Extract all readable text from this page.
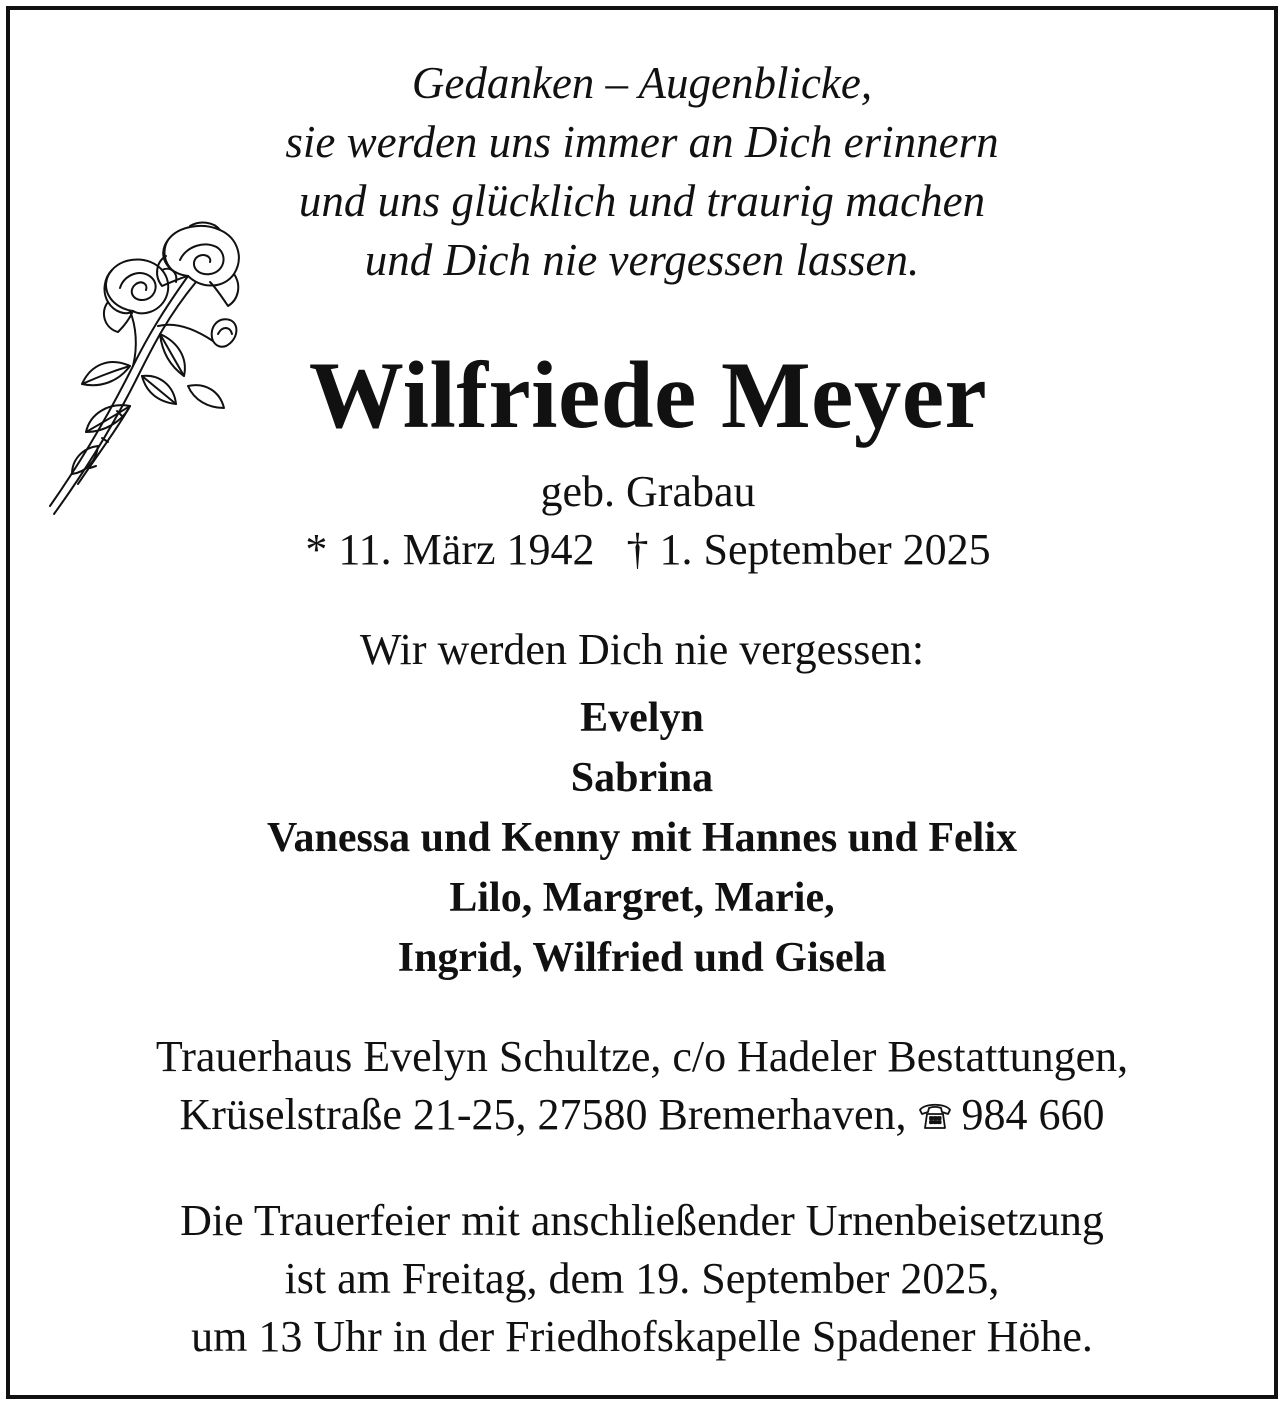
Gedanken – Augenblicke,
sie werden uns immer an Dich erinnern
und uns glücklich und traurig machen
und Dich nie vergessen lassen.
Wilfriede Meyer
geb. Grabau
* 11. März 1942 † 1. September 2025
Wir werden Dich nie vergessen:
Evelyn
Sabrina
Vanessa und Kenny mit Hannes und Felix
Lilo, Margret, Marie,
Ingrid, Wilfried und Gisela
Trauerhaus Evelyn Schultze, c/o Hadeler Bestattungen,
Krüselstraße 21-25, 27580 Bremerhaven, 984 660
Die Trauerfeier mit anschließender Urnenbeisetzung
ist am Freitag, dem 19. September 2025,
um 13 Uhr in der Friedhofskapelle Spadener Höhe.
